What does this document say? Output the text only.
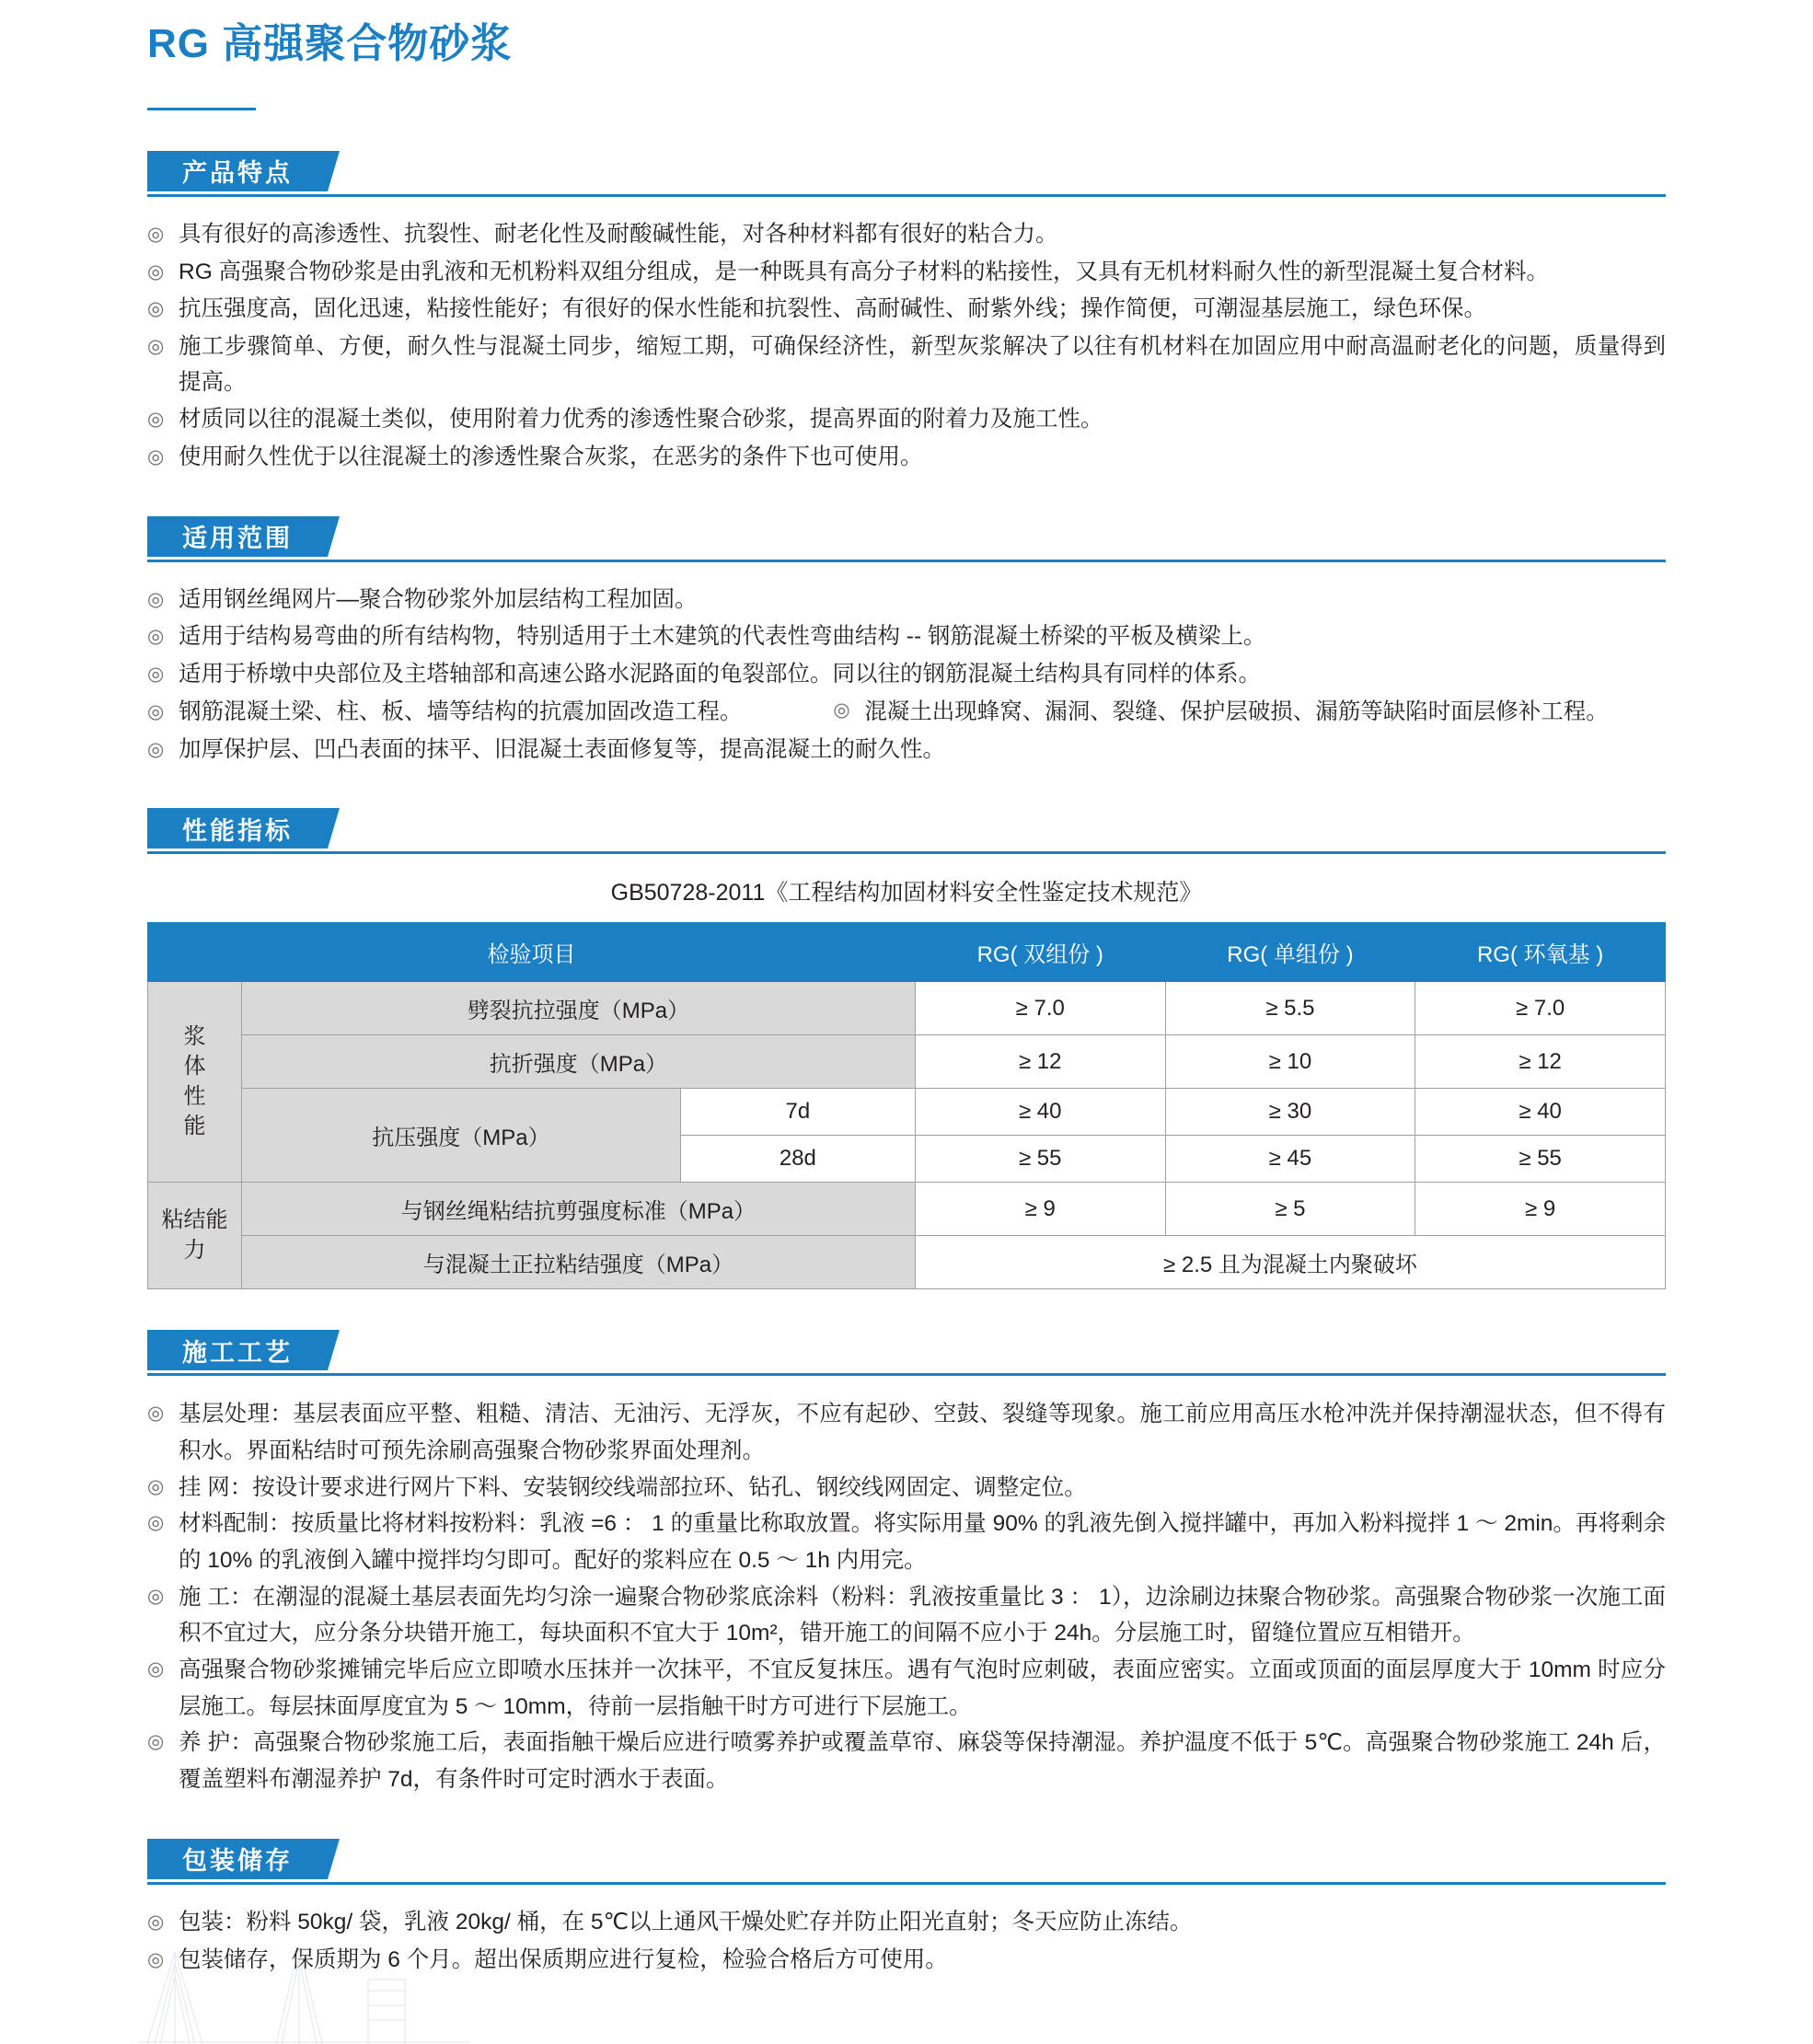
RG 高强聚合物砂浆
产品特点
◎ 具有很好的高渗透性、抗裂性、耐老化性及耐酸碱性能，对各种材料都有很好的粘合力。
◎ RG 高强聚合物砂浆是由乳液和无机粉料双组分组成，是一种既具有高分子材料的粘接性，又具有无机材料耐久性的新型混凝土复合材料。
◎ 抗压强度高，固化迅速，粘接性能好；有很好的保水性能和抗裂性、高耐碱性、耐紫外线；操作简便，可潮湿基层施工，绿色环保。
◎ 施工步骤简单、方便，耐久性与混凝土同步，缩短工期，可确保经济性，新型灰浆解决了以往有机材料在加固应用中耐高温耐老化的问题，质量得到提高。
◎ 材质同以往的混凝土类似，使用附着力优秀的渗透性聚合砂浆，提高界面的附着力及施工性。
◎ 使用耐久性优于以往混凝土的渗透性聚合灰浆，在恶劣的条件下也可使用。
适用范围
◎ 适用钢丝绳网片—聚合物砂浆外加层结构工程加固。
◎ 适用于结构易弯曲的所有结构物，特别适用于土木建筑的代表性弯曲结构 -- 钢筋混凝土桥梁的平板及横梁上。
◎ 适用于桥墩中央部位及主塔轴部和高速公路水泥路面的龟裂部位。同以往的钢筋混凝土结构具有同样的体系。
◎ 钢筋混凝土梁、柱、板、墙等结构的抗震加固改造工程。	◎ 混凝土出现蜂窝、漏洞、裂缝、保护层破损、漏筋等缺陷时面层修补工程。
◎ 加厚保护层、凹凸表面的抹平、旧混凝土表面修复等，提高混凝土的耐久性。
性能指标
GB50728-2011《工程结构加固材料安全性鉴定技术规范》
检验项目			RG( 双组份 )	RG( 单组份 )	RG( 环氧基 )

浆
体
性
能	劈裂抗拉强度（MPa）		≥ 7.0	≥ 5.5	≥ 7.0
	抗折强度（MPa）		≥ 12	≥ 10	≥ 12
	抗压强度（MPa）	7d	≥ 40	≥ 30	≥ 40
		28d	≥ 55	≥ 45	≥ 55

粘结能
力	与钢丝绳粘结抗剪强度标准（MPa）		≥ 9	≥ 5	≥ 9
	与混凝土正拉粘结强度（MPa）		≥ 2.5 且为混凝土内聚破坏		
施工工艺
◎ 基层处理：基层表面应平整、粗糙、清洁、无油污、无浮灰，不应有起砂、空鼓、裂缝等现象。施工前应用高压水枪冲洗并保持潮湿状态，但不得有积水。界面粘结时可预先涂刷高强聚合物砂浆界面处理剂。
◎ 挂 网：按设计要求进行网片下料、安装钢绞线端部拉环、钻孔、钢绞线网固定、调整定位。
◎ 材料配制：按质量比将材料按粉料：乳液 =6 ： 1 的重量比称取放置。将实际用量 90% 的乳液先倒入搅拌罐中，再加入粉料搅拌 1 ～ 2min。再将剩余的 10% 的乳液倒入罐中搅拌均匀即可。配好的浆料应在 0.5 ～ 1h 内用完。
◎ 施 工：在潮湿的混凝土基层表面先均匀涂一遍聚合物砂浆底涂料（粉料：乳液按重量比 3 ： 1），边涂刷边抹聚合物砂浆。高强聚合物砂浆一次施工面积不宜过大，应分条分块错开施工，每块面积不宜大于 10m²，错开施工的间隔不应小于 24h。分层施工时，留缝位置应互相错开。
◎ 高强聚合物砂浆摊铺完毕后应立即喷水压抹并一次抹平，不宜反复抹压。遇有气泡时应刺破，表面应密实。立面或顶面的面层厚度大于 10mm 时应分层施工。每层抹面厚度宜为 5 ～ 10mm，待前一层指触干时方可进行下层施工。
◎ 养 护：高强聚合物砂浆施工后，表面指触干燥后应进行喷雾养护或覆盖草帘、麻袋等保持潮湿。养护温度不低于 5℃。高强聚合物砂浆施工 24h 后，覆盖塑料布潮湿养护 7d，有条件时可定时洒水于表面。
包装储存
◎ 包装：粉料 50kg/ 袋，乳液 20kg/ 桶，在 5℃以上通风干燥处贮存并防止阳光直射；冬天应防止冻结。
◎ 包装储存，保质期为 6 个月。超出保质期应进行复检，检验合格后方可使用。
